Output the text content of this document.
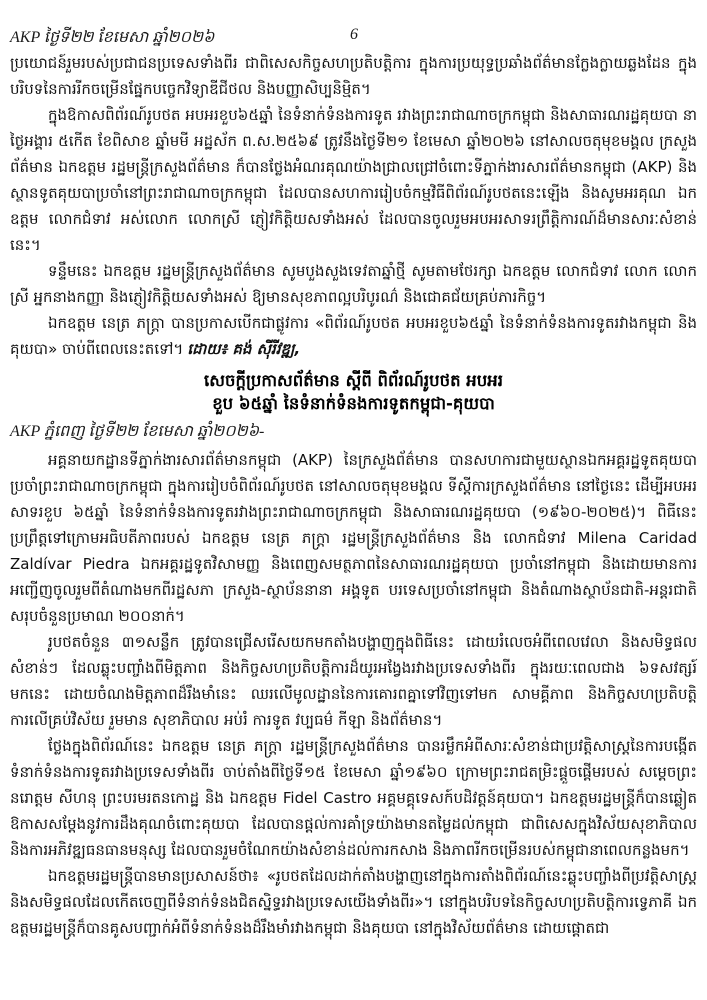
AKP ថ្ងៃទី២២ ខែមេសា ឆ្នាំ២០២៦	6

ប្រយោជន៍រួមរបស់ប្រជាជនប្រទេសទាំងពីរ ជាពិសេសកិច្ចសហប្រតិបត្តិការ ក្នុងការប្រយុទ្ធប្រឆាំងព័ត៌មានក្លែងក្លាយឆ្លងដែន ក្នុងបរិបទនៃការរីកចម្រើនផ្នែកបច្ចេកវិទ្យាឌីជីថល និងបញ្ញាសិប្បនិម្មិត។

ក្នុងឱកាសពិព័រណ៍រូបថត អបអរខួប៦៥ឆ្នាំ នៃទំនាក់ទំនងការទូត រវាងព្រះរាជាណាចក្រកម្ពុជា និងសាធារណរដ្ឋគុយបា នាថ្ងៃអង្គារ ៥កើត ខែពិសាខ ឆ្នាំមមី អដ្ឋស័ក ព.ស.២៥៦៩ ត្រូវនឹងថ្ងៃទី២១ ខែមេសា ឆ្នាំ២០២៦ នៅសាលចតុមុខមង្គល ក្រសួងព័ត៌មាន ឯកឧត្តម រដ្ឋមន្ត្រីក្រសួងព័ត៌មាន ក៏បានថ្លែងអំណរគុណយ៉ាងជ្រាលជ្រៅចំពោះទីភ្នាក់ងារសារព័ត៌មានកម្ពុជា (AKP) និងស្ថានទូតគុយបាប្រចាំនៅព្រះរាជាណាចក្រកម្ពុជា ដែលបានសហការរៀបចំកម្មវិធីពិព័រណ៍រូបថតនេះឡើង និងសូមអរគុណ ឯកឧត្តម លោកជំទាវ អស់លោក លោកស្រី ភ្ញៀវកិត្តិយសទាំងអស់ ដែលបានចូលរួមអបអរសាទរព្រឹត្តិការណ៍ដ៏មានសារៈសំខាន់នេះ។

ទន្ទឹមនេះ ឯកឧត្តម រដ្ឋមន្ត្រីក្រសួងព័ត៌មាន សូមបួងសួងទេវតាឆ្នាំថ្មី សូមតាមថែរក្សា ឯកឧត្តម លោកជំទាវ លោក លោកស្រី អ្នកនាងកញ្ញា និងភ្ញៀវកិត្តិយសទាំងអស់ ឱ្យមានសុខភាពល្អបរិបូរណ៌ និងជោគជ័យគ្រប់ភារកិច្ច។

ឯកឧត្តម នេត្រ ភក្ត្រា បានប្រកាសបើកជាផ្លូវការ «ពិព័រណ៍រូបថត អបអរខួប៦៥ឆ្នាំ នៃទំនាក់ទំនងការទូតរវាងកម្ពុជា និងគុយបា» ចាប់ពីពេលនេះតទៅ។ ដោយ៖ គង់ ស៊ីរីវឌ្ឍ,

សេចក្តីប្រកាសព័ត៌មាន ស្តីពី ពិព័រណ៍រូបថត អបអរ
ខួប ៦៥ឆ្នាំ នៃទំនាក់ទំនងការទូតកម្ពុជា-គុយបា
AKP ភ្នំពេញ ថ្ងៃទី២២ ខែមេសា ឆ្នាំ២០២៦-

អគ្គនាយកដ្ឋានទីភ្នាក់ងារសារព័ត៌មានកម្ពុជា (AKP) នៃក្រសួងព័ត៌មាន បានសហការជាមួយស្ថានឯកអគ្គរដ្ឋទូតគុយបា ប្រចាំព្រះរាជាណាចក្រកម្ពុជា ក្នុងការរៀបចំពិព័រណ៍រូបថត នៅសាលចតុមុខមង្គល ទីស្តីការក្រសួងព័ត៌មាន នៅថ្ងៃនេះ ដើម្បីអបអរសាទរខួប ៦៥ឆ្នាំ នៃទំនាក់ទំនងការទូតរវាងព្រះរាជាណាចក្រកម្ពុជា និងសាធារណរដ្ឋគុយបា (១៩៦០-២០២៥)។ ពិធីនេះ ប្រព្រឹត្តទៅក្រោមអធិបតីភាពរបស់ ឯកឧត្តម នេត្រ ភក្ត្រា រដ្ឋមន្ត្រីក្រសួងព័ត៌មាន និង លោកជំទាវ Milena Caridad Zaldívar Piedra ឯកអគ្គរដ្ឋទូតវិសាមញ្ញ និងពេញសមត្ថភាពនៃសាធារណរដ្ឋគុយបា ប្រចាំនៅកម្ពុជា និងដោយមានការអញ្ជើញចូលរួមពីតំណាងមកពីរដ្ឋសភា ក្រសួង-ស្ថាប័ននានា អង្គទូត បរទេសប្រចាំនៅកម្ពុជា និងតំណាងស្ថាប័នជាតិ-អន្តរជាតិ សរុបចំនួនប្រមាណ ២០០នាក់។

រូបថតចំនួន ៣១សន្លឹក ត្រូវបានជ្រើសរើសយកមកតាំងបង្ហាញក្នុងពិធីនេះ ដោយរំលេចអំពីពេលវេលា និងសមិទ្ធផលសំខាន់ៗ ដែលឆ្លុះបញ្ចាំងពីមិត្តភាព និងកិច្ចសហប្រតិបត្តិការដ៏យូរអង្វែងរវាងប្រទេសទាំងពីរ ក្នុងរយៈពេលជាង ៦ទសវត្សរ៍មកនេះ ដោយចំណងមិត្តភាពដ៏រឹងមាំនេះ ឈរលើមូលដ្ឋាននៃការគោរពគ្នាទៅវិញទៅមក សាមគ្គីភាព និងកិច្ចសហប្រតិបត្តិការលើគ្រប់វិស័យ រួមមាន សុខាភិបាល អប់រំ ការទូត វប្បធម៌ កីឡា និងព័ត៌មាន។

ថ្លែងក្នុងពិព័រណ៍នេះ ឯកឧត្តម នេត្រ ភក្ត្រា រដ្ឋមន្ត្រីក្រសួងព័ត៌មាន បានរម្លឹកអំពីសារៈសំខាន់ជាប្រវត្តិសាស្ត្រនៃការបង្កើតទំនាក់ទំនងការទូតរវាងប្រទេសទាំងពីរ ចាប់តាំងពីថ្ងៃទី១៥ ខែមេសា ឆ្នាំ១៩៦០ ក្រោមព្រះរាជតម្រិះផ្តួចផ្តើមរបស់ សម្តេចព្រះ នរោត្តម សីហនុ ព្រះបរមរតនកោដ្ឋ និង ឯកឧត្តម Fidel Castro អគ្គមគ្គុទេសក៍បដិវត្តន៍គុយបា។ ឯកឧត្តមរដ្ឋមន្ត្រីក៏បានឆ្លៀតឱកាសសម្តែងនូវការដឹងគុណចំពោះគុយបា ដែលបានផ្តល់ការគាំទ្រយ៉ាងមានតម្លៃដល់កម្ពុជា ជាពិសេសក្នុងវិស័យសុខាភិបាល និងការអភិវឌ្ឍធនធានមនុស្ស ដែលបានរួមចំណែកយ៉ាងសំខាន់ដល់ការកសាង និងភាពរីកចម្រើនរបស់កម្ពុជានាពេលកន្លងមក។

ឯកឧត្តមរដ្ឋមន្ត្រីបានមានប្រសាសន៍ថា៖ «រូបថតដែលដាក់តាំងបង្ហាញនៅក្នុងការតាំងពិព័រណ៍នេះឆ្លុះបញ្ចាំងពីប្រវត្តិសាស្ត្រ និងសមិទ្ធផលដែលកើតចេញពីទំនាក់ទំនងជិតស្និទ្ធរវាងប្រទេសយើងទាំងពីរ»។ នៅក្នុងបរិបទនៃកិច្ចសហប្រតិបត្តិការទ្វេភាគី ឯកឧត្តមរដ្ឋមន្ត្រីក៏បានគូសបញ្ជាក់អំពីទំនាក់ទំនងដ៏រឹងមាំរវាងកម្ពុជា និងគុយបា នៅក្នុងវិស័យព័ត៌មាន ដោយផ្តោតជា
